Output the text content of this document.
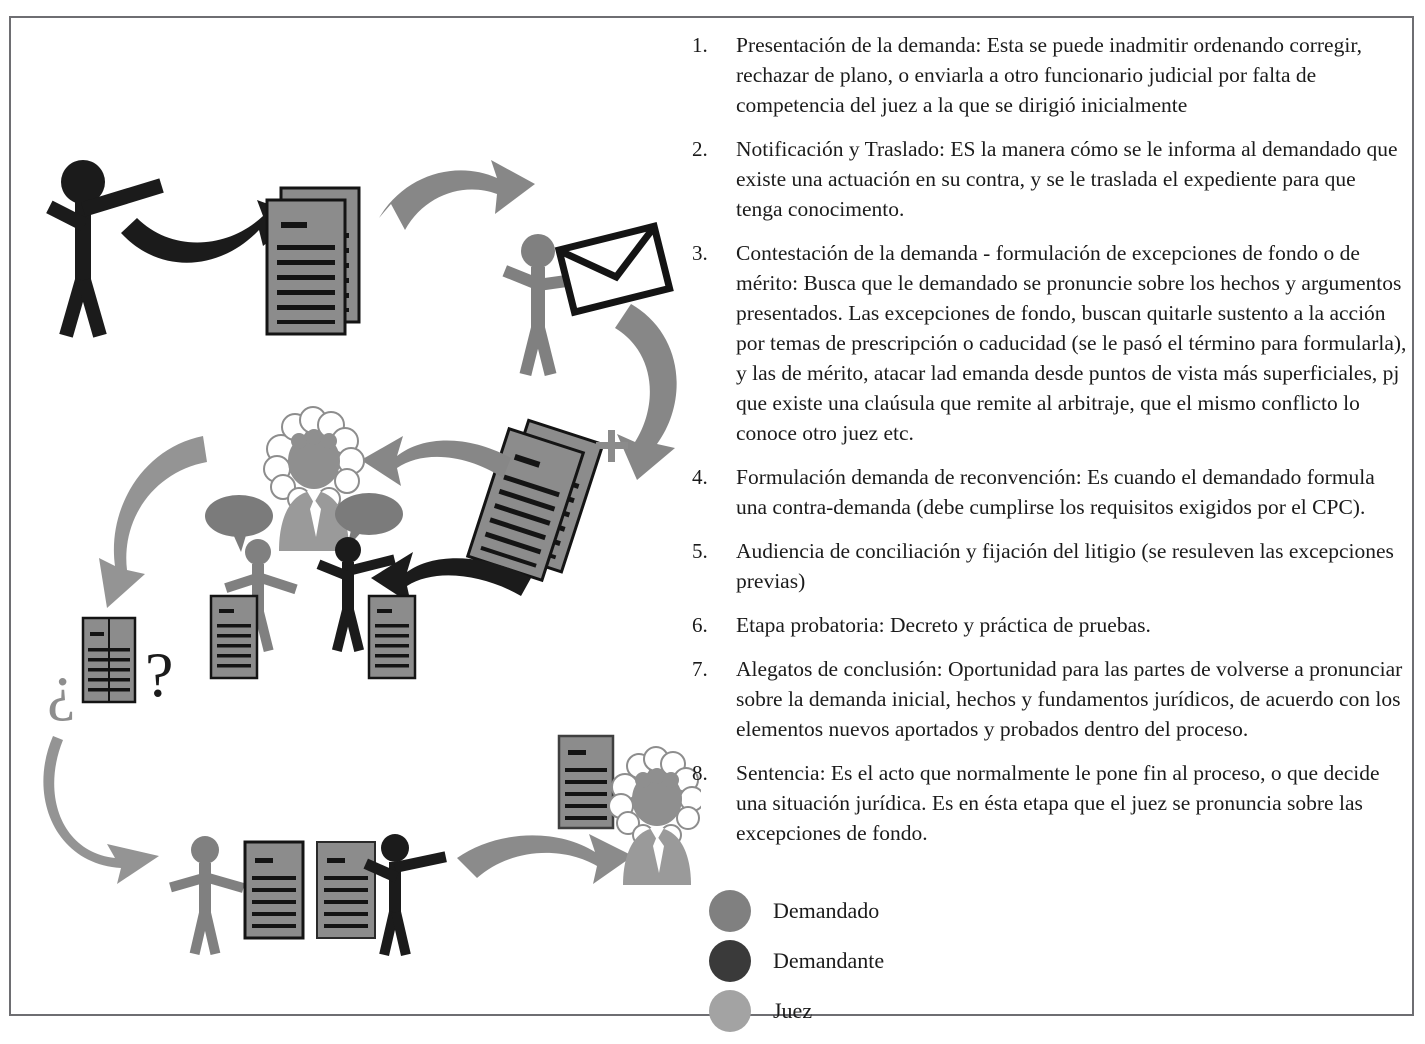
¿ ?
1.	Presentación de la demanda: Esta se puede inadmitir ordenando corregir, rechazar de plano, o enviarla a otro funcionario judicial por falta de competencia del juez a la que se dirigió inicialmente
2.	Notificación y Traslado: ES la manera cómo se le informa al demandado que existe una actuación en su contra, y se le traslada el expediente para que tenga conocimento.
3.	Contestación de la demanda - formulación de excepciones de fondo o de mérito: Busca que le demandado se pronuncie sobre los hechos y argumentos presentados. Las excepciones de fondo, buscan quitarle sustento a la acción por temas de prescripción o caducidad (se le pasó el término para formularla), y las de mérito, atacar lad emanda desde puntos de vista más superficiales, pj que existe una claúsula que remite al arbitraje, que el mismo conflicto lo conoce otro juez etc.
4.	Formulación demanda de reconvención: Es cuando el demandado formula una contra-demanda (debe cumplirse los requisitos exigidos por el CPC).
5.	Audiencia de conciliación y fijación del litigio (se resuleven las excepciones previas)
6.	Etapa probatoria: Decreto y práctica de pruebas.
7.	Alegatos de conclusión: Oportunidad para las partes de volverse a pronunciar sobre la demanda inicial, hechos y fundamentos jurídicos, de acuerdo con los elementos nuevos aportados y probados dentro del proceso.
8.	Sentencia: Es el acto que normalmente le pone fin al proceso, o que decide una situación jurídica. Es en ésta etapa que el juez se pronuncia sobre las excepciones de fondo.
Demandado
Demandante
Juez
